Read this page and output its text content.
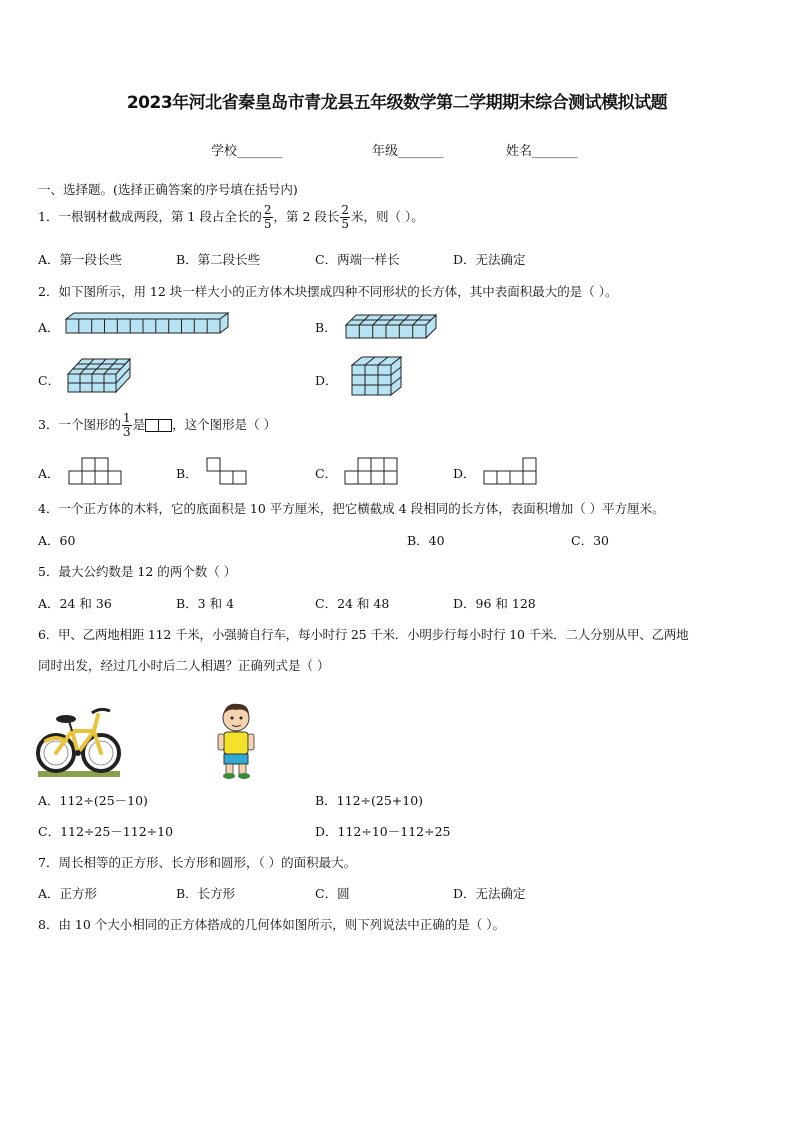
2023年河北省秦皇岛市青龙县五年级数学第二学期期末综合测试模拟试题
学校_______	年级_______	姓名_______
一、选择题。(选择正确答案的序号填在括号内)
1．一根钢材截成两段，第 1 段占全长的 $\frac{2}{5}$ ，第 2 段长 $\frac{2}{5}$ 米，则（ ）。
A．第一段长些	B．第二段长些	C．两端一样长	D．无法确定
2．如下图所示，用 12 块一样大小的正方体木块摆成四种不同形状的长方体，其中表面积最大的是（ ）。
A．	B．
C．	D．
3．一个图形的 $\frac{1}{3}$ 是 ，这个图形是（ ）
A．	B．	C．	D．
4．一个正方体的木料，它的底面积是 10 平方厘米，把它横截成 4 段相同的长方体，表面积增加（ ）平方厘米。
A．60	B．40	C．30
5．最大公约数是 12 的两个数（ ）
A．24 和 36	B．3 和 4	C．24 和 48	D．96 和 128
6．甲、乙两地相距 112 千米，小强骑自行车，每小时行 25 千米．小明步行每小时行 10 千米．二人分别从甲、乙两地
同时出发，经过几小时后二人相遇？正确列式是（ ）
A．112÷(25－10)	B．112÷(25+10)
C．112÷25－112÷10	D．112÷10－112÷25
7．周长相等的正方形、长方形和圆形，（ ）的面积最大。
A．正方形	B．长方形	C．圆	D．无法确定
8．由 10 个大小相同的正方体搭成的几何体如图所示，则下列说法中正确的是（ ）。
